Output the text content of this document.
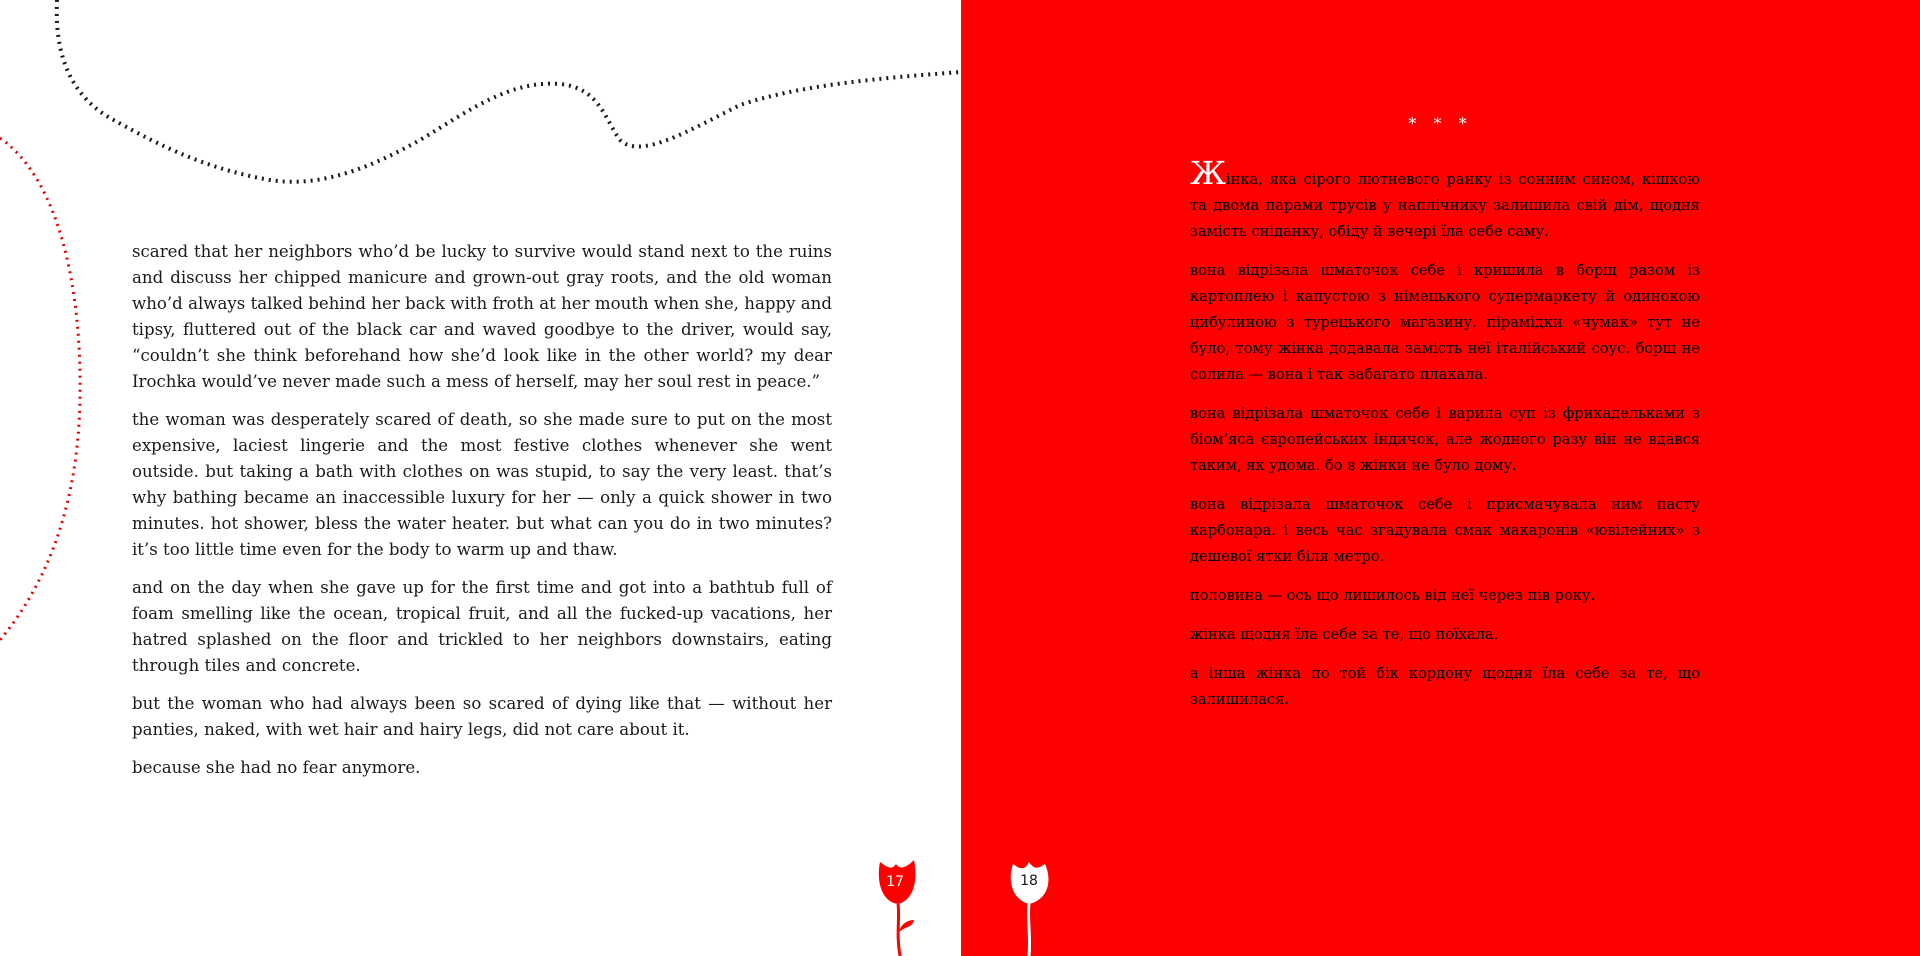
scared that her neighbors who’d be lucky to survive would stand next to the ruins and discuss her chipped manicure and grown-out gray roots, and the old woman who’d always talked behind her back with froth at her mouth when she, happy and tipsy, fluttered out of the black car and waved goodbye to the driver, would say, “couldn’t she think beforehand how she’d look like in the other world? my dear Irochka would’ve never made such a mess of herself, may her soul rest in peace.”

the woman was desperately scared of death, so she made sure to put on the most expensive, laciest lingerie and the most festive clothes whenever she went outside. but taking a bath with clothes on was stupid, to say the very least. that’s why bathing became an inaccessible luxury for her — only a quick shower in two minutes. hot shower, bless the water heater. but what can you do in two minutes? it’s too little time even for the body to warm up and thaw.

and on the day when she gave up for the first time and got into a bathtub full of foam smelling like the ocean, tropical fruit, and all the fucked-up vacations, her hatred splashed on the floor and trickled to her neighbors downstairs, eating through tiles and concrete.

but the woman who had always been so scared of dying like that — without her panties, naked, with wet hair and hairy legs, did not care about it.

because she had no fear anymore.

17
* * *

Жінка, яка сірого лютневого ранку із сонним сином, кішкою та двома парами трусів у наплічнику залишила свій дім, щодня замість сніданку, обіду й вечері їла себе саму.

вона відрізала шматочок себе і кришила в борщ разом із картоплею і капустою з німецького супермаркету й одинокою цибулиною з турецького магазину. пірамідки «чумак» тут не було, тому жінка додавала замість неї італійський соус. борщ не солила — вона і так забагато плакала.

вона відрізала шматочок себе і варила суп із фрикадельками з біом’яса європейських індичок, але жодного разу він не вдався таким, як удома. бо в жінки не було дому.

вона відрізала шматочок себе і присмачувала ним пасту карбонара. і весь час згадувала смак макаронів «ювілейних» з дешевої ятки біля метро.

половина — ось що лишилось від неї через пів року.

жінка щодня їла себе за те, що поїхала.

а інша жінка по той бік кордону щодня їла себе за те, що залишилася.

18
